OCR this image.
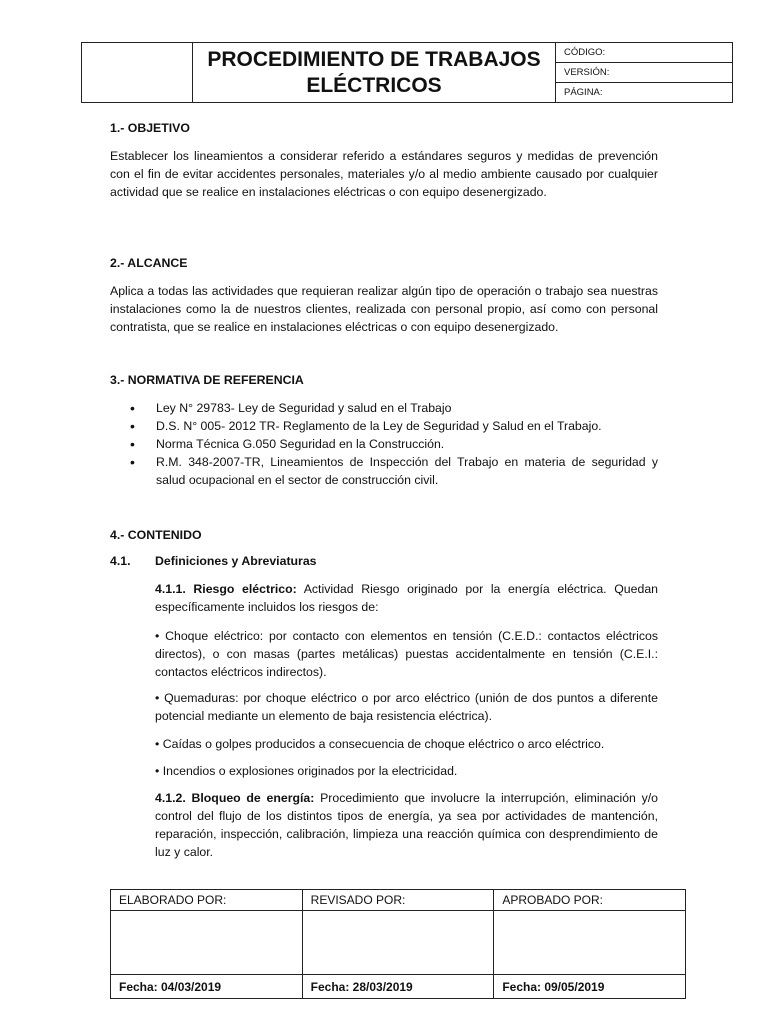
	PROCEDIMIENTO DE TRABAJOS ELÉCTRICOS	CÓDIGO:
VERSIÓN:
PÁGINA:
1.- OBJETIVO
Establecer los lineamientos a considerar referido a estándares seguros y medidas de prevención con el fin de evitar accidentes personales, materiales y/o al medio ambiente causado por cualquier actividad que se realice en instalaciones eléctricas o con equipo desenergizado.
2.- ALCANCE
Aplica a todas las actividades que requieran realizar algún tipo de operación o trabajo sea nuestras instalaciones como la de nuestros clientes, realizada con personal propio, así como con personal contratista, que se realice en instalaciones eléctricas o con equipo desenergizado.
3.- NORMATIVA DE REFERENCIA
• Ley N° 29783- Ley de Seguridad y salud en el Trabajo
• D.S. N° 005- 2012 TR- Reglamento de la Ley de Seguridad y Salud en el Trabajo.
• Norma Técnica G.050 Seguridad en la Construcción.
• R.M. 348-2007-TR, Lineamientos de Inspección del Trabajo en materia de seguridad y salud ocupacional en el sector de construcción civil.
4.- CONTENIDO
4.1. Definiciones y Abreviaturas
4.1.1. Riesgo eléctrico: Actividad Riesgo originado por la energía eléctrica. Quedan específicamente incluidos los riesgos de:
• Choque eléctrico: por contacto con elementos en tensión (C.E.D.: contactos eléctricos directos), o con masas (partes metálicas) puestas accidentalmente en tensión (C.E.I.: contactos eléctricos indirectos).
• Quemaduras: por choque eléctrico o por arco eléctrico (unión de dos puntos a diferente potencial mediante un elemento de baja resistencia eléctrica).
• Caídas o golpes producidos a consecuencia de choque eléctrico o arco eléctrico.
• Incendios o explosiones originados por la electricidad.
4.1.2. Bloqueo de energía: Procedimiento que involucre la interrupción, eliminación y/o control del flujo de los distintos tipos de energía, ya sea por actividades de mantención, reparación, inspección, calibración, limpieza una reacción química con desprendimiento de luz y calor.
ELABORADO POR:	REVISADO POR:	APROBADO POR:

Fecha: 04/03/2019	Fecha: 28/03/2019	Fecha: 09/05/2019
